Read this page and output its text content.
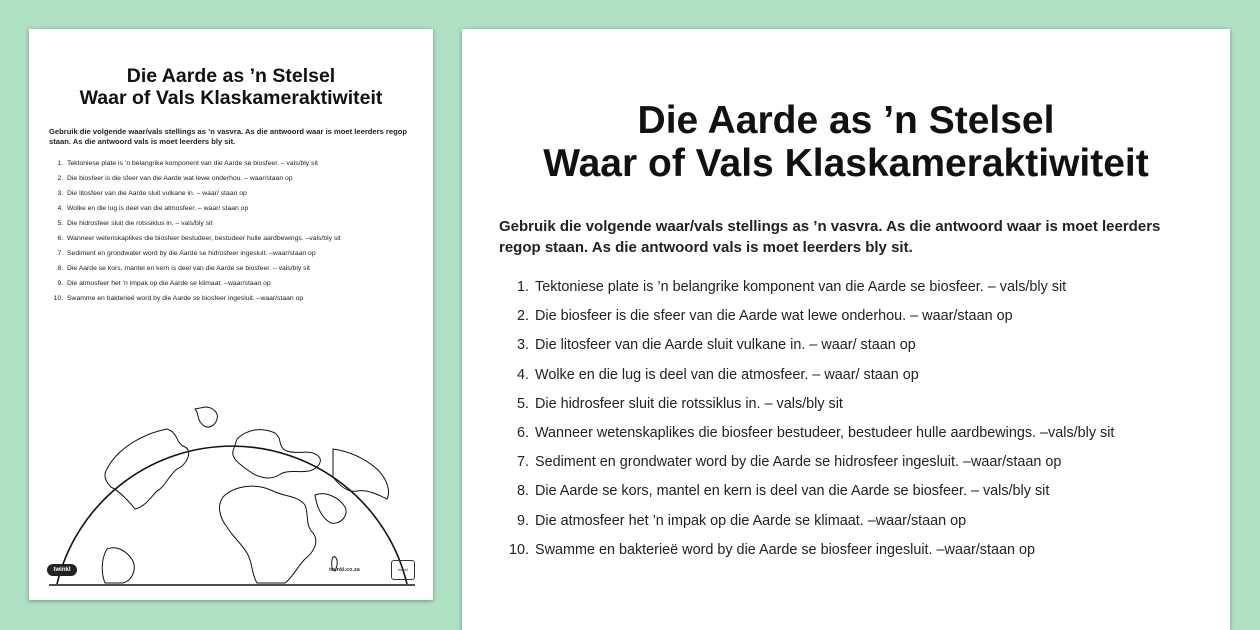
Die Aarde as ’n Stelsel
Waar of Vals Klaskameraktiwiteit

Gebruik die volgende waar/vals stellings as ’n vasvra. As die antwoord waar is moet leerders regop staan. As die antwoord vals is moet leerders bly sit.

1. Tektoniese plate is ’n belangrike komponent van die Aarde se biosfeer. – vals/bly sit
2. Die biosfeer is die sfeer van die Aarde wat lewe onderhou. – waar/staan op
3. Die litosfeer van die Aarde sluit vulkane in. – waar/ staan op
4. Wolke en die lug is deel van die atmosfeer. – waar/ staan op
5. Die hidrosfeer sluit die rotssiklus in. – vals/bly sit
6. Wanneer wetenskaplikes die biosfeer bestudeer, bestudeer hulle aardbewings. –vals/bly sit
7. Sediment en grondwater word by die Aarde se hidrosfeer ingesluit. –waar/staan op
8. Die Aarde se kors, mantel en kern is deel van die Aarde se biosfeer. – vals/bly sit
9. Die atmosfeer het ’n impak op die Aarde se klimaat. –waar/staan op
10. Swamme en bakterieë word by die Aarde se biosfeer ingesluit. –waar/staan op
twinkl	twinkl.co.za	twinkl
Die Aarde as ’n Stelsel
Waar of Vals Klaskameraktiwiteit

Gebruik die volgende waar/vals stellings as ’n vasvra. As die antwoord waar is moet leerders regop staan. As die antwoord vals is moet leerders bly sit.

1. Tektoniese plate is ’n belangrike komponent van die Aarde se biosfeer. – vals/bly sit
2. Die biosfeer is die sfeer van die Aarde wat lewe onderhou. – waar/staan op
3. Die litosfeer van die Aarde sluit vulkane in. – waar/ staan op
4. Wolke en die lug is deel van die atmosfeer. – waar/ staan op
5. Die hidrosfeer sluit die rotssiklus in. – vals/bly sit
6. Wanneer wetenskaplikes die biosfeer bestudeer, bestudeer hulle aardbewings. –vals/bly sit
7. Sediment en grondwater word by die Aarde se hidrosfeer ingesluit. –waar/staan op
8. Die Aarde se kors, mantel en kern is deel van die Aarde se biosfeer. – vals/bly sit
9. Die atmosfeer het ’n impak op die Aarde se klimaat. –waar/staan op
10. Swamme en bakterieë word by die Aarde se biosfeer ingesluit. –waar/staan op
